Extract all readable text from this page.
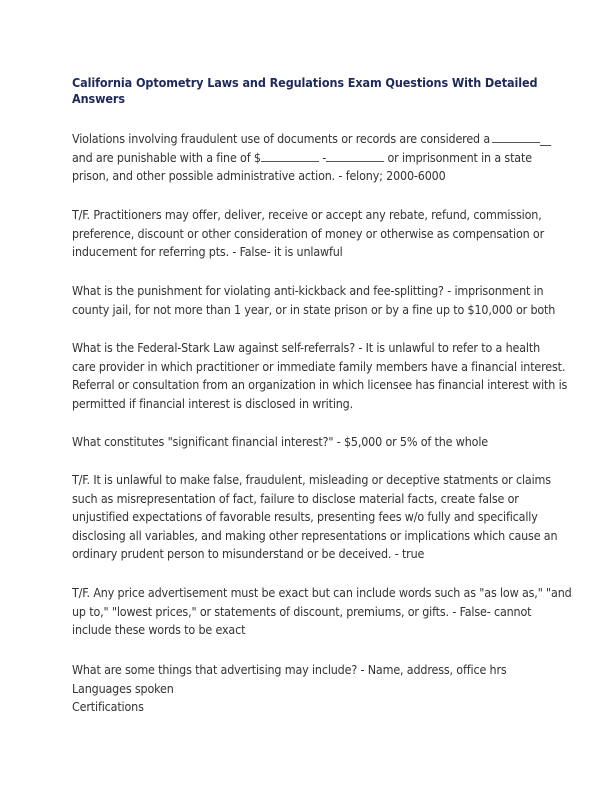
California Optometry Laws and Regulations Exam Questions With Detailed Answers
Violations involving fraudulent use of documents or records are considered a	__
and are punishable with a fine of $	-	or imprisonment in a state
prison, and other possible administrative action. - felony; 2000-6000
T/F. Practitioners may offer, deliver, receive or accept any rebate, refund, commission,
preference, discount or other consideration of money or otherwise as compensation or
inducement for referring pts. - False- it is unlawful
What is the punishment for violating anti-kickback and fee-splitting? - imprisonment in
county jail, for not more than 1 year, or in state prison or by a fine up to $10,000 or both
What is the Federal-Stark Law against self-referrals? - It is unlawful to refer to a health
care provider in which practitioner or immediate family members have a financial interest.
Referral or consultation from an organization in which licensee has financial interest with is
permitted if financial interest is disclosed in writing.
What constitutes "significant financial interest?" - $5,000 or 5% of the whole
T/F. It is unlawful to make false, fraudulent, misleading or deceptive statments or claims
such as misrepresentation of fact, failure to disclose material facts, create false or
unjustified expectations of favorable results, presenting fees w/o fully and specifically
disclosing all variables, and making other representations or implications which cause an
ordinary prudent person to misunderstand or be deceived. - true
T/F. Any price advertisement must be exact but can include words such as "as low as," "and
up to," "lowest prices," or statements of discount, premiums, or gifts. - False- cannot
include these words to be exact
What are some things that advertising may include? - Name, address, office hrs
Languages spoken
Certifications
